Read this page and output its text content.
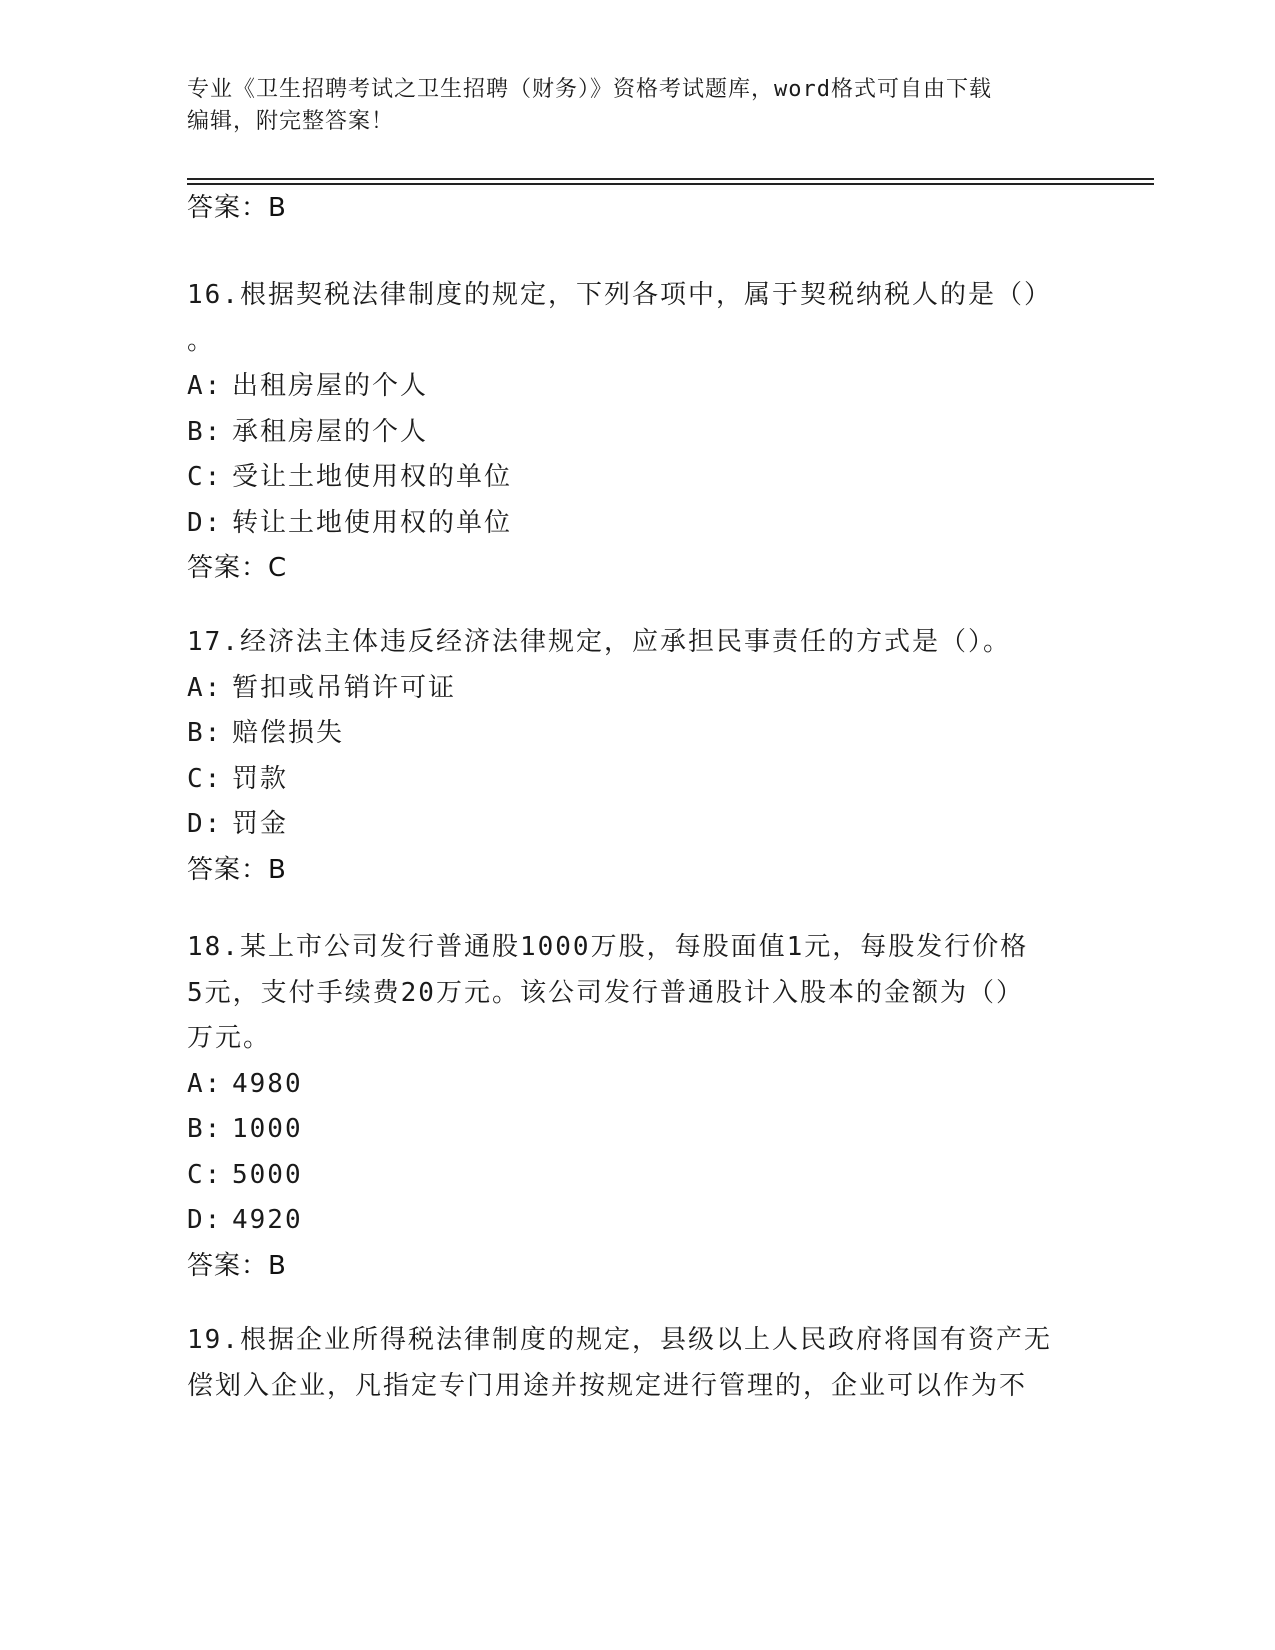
专业《卫生招聘考试之卫生招聘（财务）》资格考试题库，word格式可自由下载
编辑，附完整答案！
答案：B
16.根据契税法律制度的规定，下列各项中，属于契税纳税人的是（）
。
A: 出租房屋的个人
B: 承租房屋的个人
C: 受让土地使用权的单位
D: 转让土地使用权的单位
答案：C
17.经济法主体违反经济法律规定，应承担民事责任的方式是（）。
A: 暂扣或吊销许可证
B: 赔偿损失
C: 罚款
D: 罚金
答案：B
18.某上市公司发行普通股1000万股，每股面值1元，每股发行价格
5元，支付手续费20万元。该公司发行普通股计入股本的金额为（）
万元。
A: 4980
B: 1000
C: 5000
D: 4920
答案：B
19.根据企业所得税法律制度的规定，县级以上人民政府将国有资产无
偿划入企业，凡指定专门用途并按规定进行管理的，企业可以作为不
